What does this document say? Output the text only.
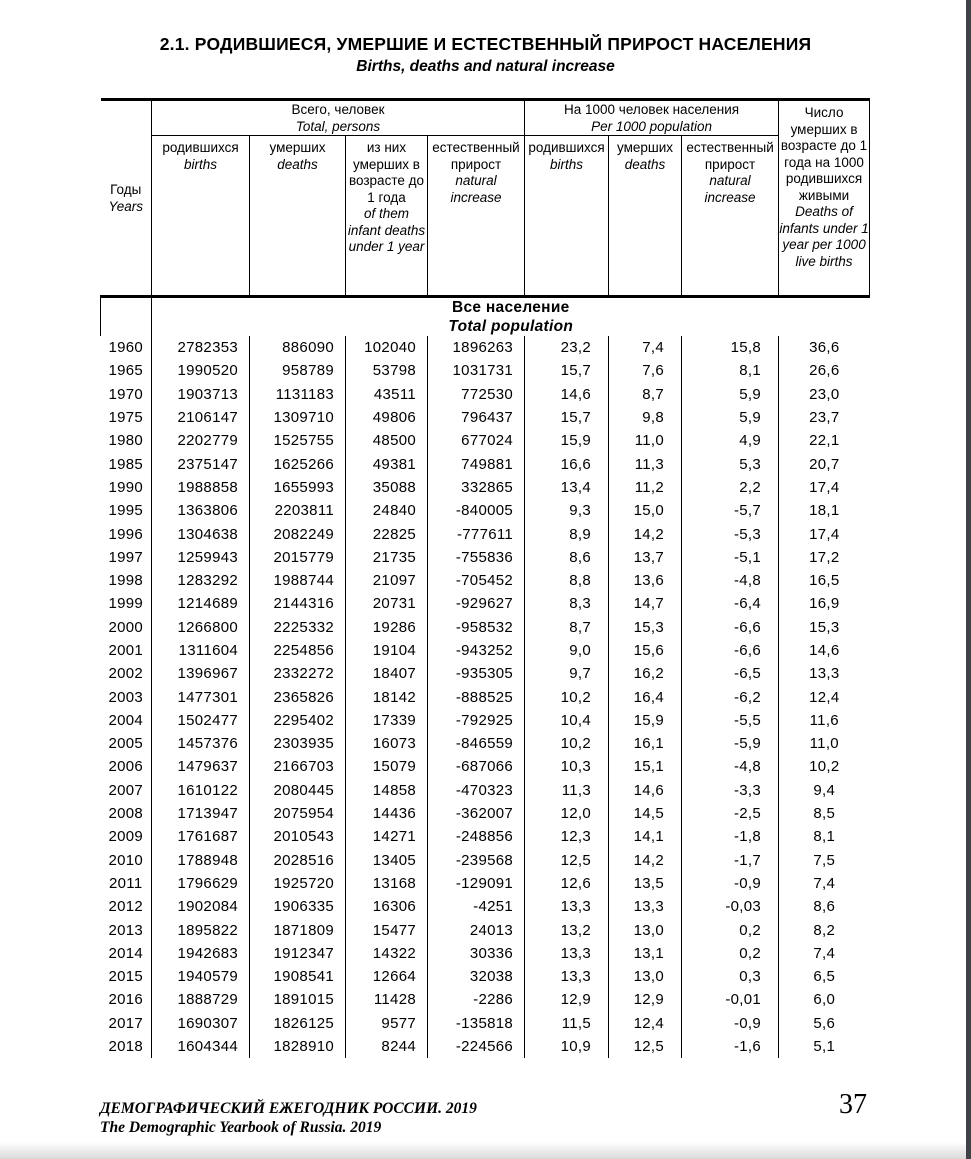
2.1. РОДИВШИЕСЯ, УМЕРШИЕ И ЕСТЕСТВЕННЫЙ ПРИРОСТ НАСЕЛЕНИЯ

Births, deaths and natural increase

Годы
Years	Всего, человек
Total, persons				На 1000 человек населения
Per 1000 population			Число умерших в возрасте до 1 года на 1000 родившихся живыми
Deaths of infants under 1 year per 1000 live births

	родившихся
births	умерших
deaths	из них умерших в возрасте до 1 года
of them infant deaths under 1 year	естественный прирост
natural increase	родившихся
births	умерших
deaths	естественный прирост
natural increase	

	Все население
Total population							

1960	2782353	886090	102040	1896263	23,2	7,4	15,8	36,6
1965	1990520	958789	53798	1031731	15,7	7,6	8,1	26,6
1970	1903713	1131183	43511	772530	14,6	8,7	5,9	23,0
1975	2106147	1309710	49806	796437	15,7	9,8	5,9	23,7
1980	2202779	1525755	48500	677024	15,9	11,0	4,9	22,1
1985	2375147	1625266	49381	749881	16,6	11,3	5,3	20,7
1990	1988858	1655993	35088	332865	13,4	11,2	2,2	17,4
1995	1363806	2203811	24840	-840005	9,3	15,0	-5,7	18,1
1996	1304638	2082249	22825	-777611	8,9	14,2	-5,3	17,4
1997	1259943	2015779	21735	-755836	8,6	13,7	-5,1	17,2
1998	1283292	1988744	21097	-705452	8,8	13,6	-4,8	16,5
1999	1214689	2144316	20731	-929627	8,3	14,7	-6,4	16,9
2000	1266800	2225332	19286	-958532	8,7	15,3	-6,6	15,3
2001	1311604	2254856	19104	-943252	9,0	15,6	-6,6	14,6
2002	1396967	2332272	18407	-935305	9,7	16,2	-6,5	13,3
2003	1477301	2365826	18142	-888525	10,2	16,4	-6,2	12,4
2004	1502477	2295402	17339	-792925	10,4	15,9	-5,5	11,6
2005	1457376	2303935	16073	-846559	10,2	16,1	-5,9	11,0
2006	1479637	2166703	15079	-687066	10,3	15,1	-4,8	10,2
2007	1610122	2080445	14858	-470323	11,3	14,6	-3,3	9,4
2008	1713947	2075954	14436	-362007	12,0	14,5	-2,5	8,5
2009	1761687	2010543	14271	-248856	12,3	14,1	-1,8	8,1
2010	1788948	2028516	13405	-239568	12,5	14,2	-1,7	7,5
2011	1796629	1925720	13168	-129091	12,6	13,5	-0,9	7,4
2012	1902084	1906335	16306	-4251	13,3	13,3	-0,03	8,6
2013	1895822	1871809	15477	24013	13,2	13,0	0,2	8,2
2014	1942683	1912347	14322	30336	13,3	13,1	0,2	7,4
2015	1940579	1908541	12664	32038	13,3	13,0	0,3	6,5
2016	1888729	1891015	11428	-2286	12,9	12,9	-0,01	6,0
2017	1690307	1826125	9577	-135818	11,5	12,4	-0,9	5,6
2018	1604344	1828910	8244	-224566	10,9	12,5	-1,6	5,1
ДЕМОГРАФИЧЕСКИЙ ЕЖЕГОДНИК РОССИИ. 2019
The Demographic Yearbook of Russia. 2019
37
